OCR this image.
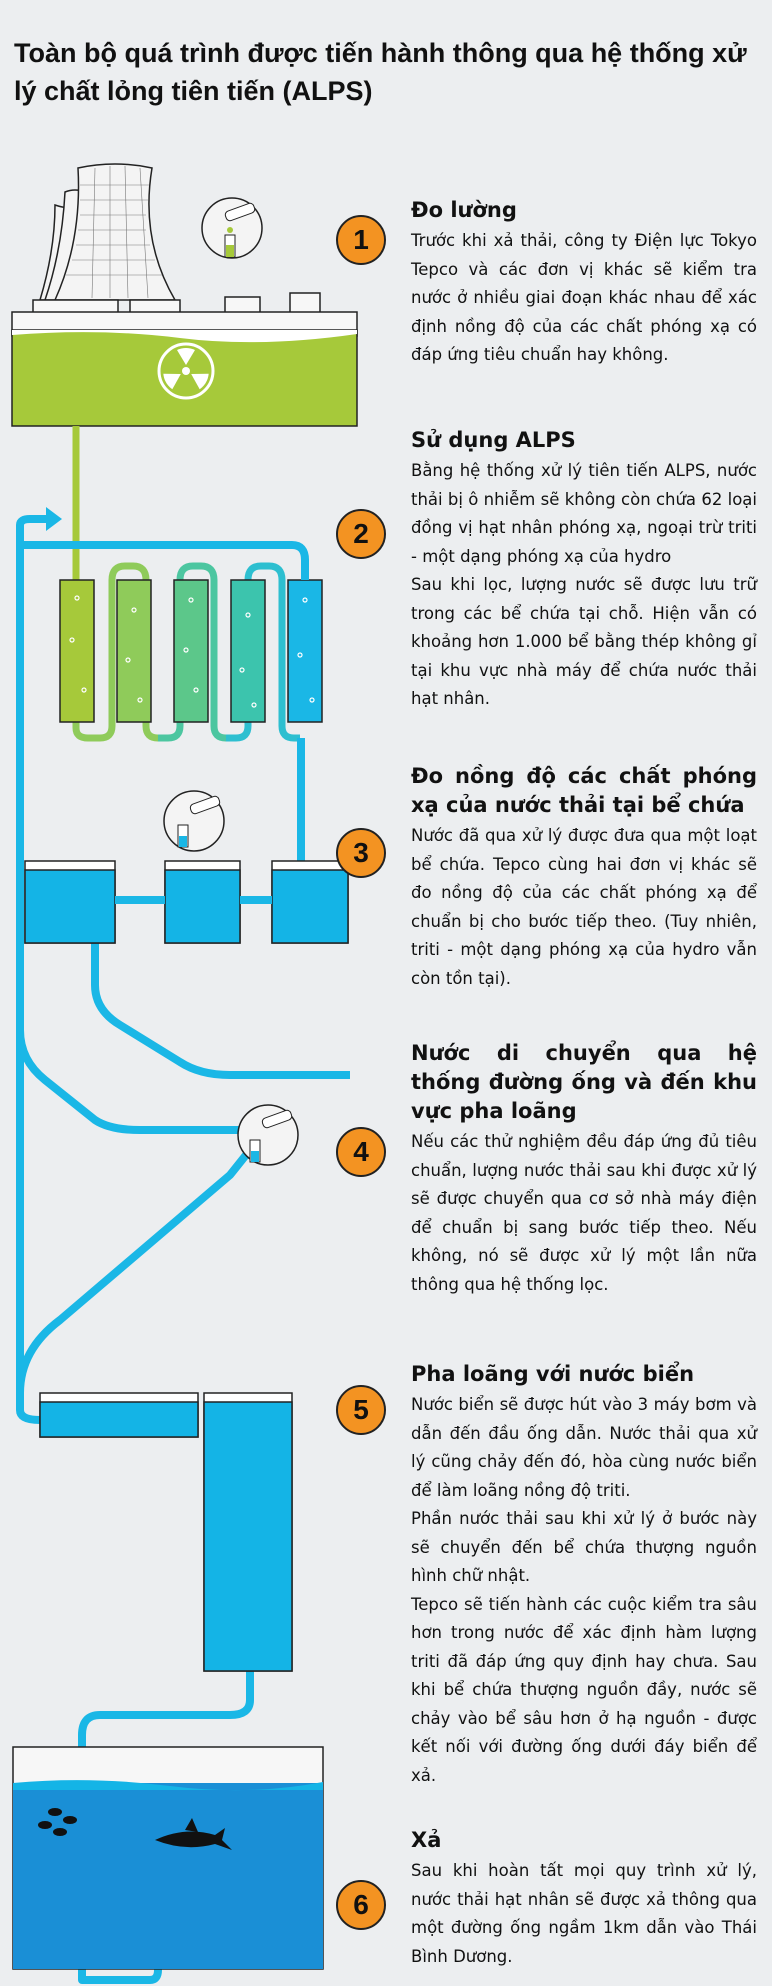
Toàn bộ quá trình được tiến hành thông qua hệ thống xử lý chất lỏng tiên tiến (ALPS)
1
2
3
4
5
6
Đo lường

Trước khi xả thải, công ty Điện lực Tokyo Tepco và các đơn vị khác sẽ kiểm tra nước ở nhiều giai đoạn khác nhau để xác định nồng độ của các chất phóng xạ có đáp ứng tiêu chuẩn hay không.

Sử dụng ALPS

Bằng hệ thống xử lý tiên tiến ALPS, nước thải bị ô nhiễm sẽ không còn chứa 62 loại đồng vị hạt nhân phóng xạ, ngoại trừ triti - một dạng phóng xạ của hydro

Sau khi lọc, lượng nước sẽ được lưu trữ trong các bể chứa tại chỗ. Hiện vẫn có khoảng hơn 1.000 bể bằng thép không gỉ tại khu vực nhà máy để chứa nước thải hạt nhân.

Đo nồng độ các chất phóng xạ của nước thải tại bể chứa

Nước đã qua xử lý được đưa qua một loạt bể chứa. Tepco cùng hai đơn vị khác sẽ đo nồng độ của các chất phóng xạ để chuẩn bị cho bước tiếp theo. (Tuy nhiên, triti - một dạng phóng xạ của hydro vẫn còn tồn tại).

Nước di chuyển qua hệ thống đường ống và đến khu vực pha loãng

Nếu các thử nghiệm đều đáp ứng đủ tiêu chuẩn, lượng nước thải sau khi được xử lý sẽ được chuyển qua cơ sở nhà máy điện để chuẩn bị sang bước tiếp theo. Nếu không, nó sẽ được xử lý một lần nữa thông qua hệ thống lọc.

Pha loãng với nước biển

Nước biển sẽ được hút vào 3 máy bơm và dẫn đến đầu ống dẫn. Nước thải qua xử lý cũng chảy đến đó, hòa cùng nước biển để làm loãng nồng độ triti.

Phần nước thải sau khi xử lý ở bước này sẽ chuyển đến bể chứa thượng nguồn hình chữ nhật.

Tepco sẽ tiến hành các cuộc kiểm tra sâu hơn trong nước để xác định hàm lượng triti đã đáp ứng quy định hay chưa. Sau khi bể chứa thượng nguồn đầy, nước sẽ chảy vào bể sâu hơn ở hạ nguồn - được kết nối với đường ống dưới đáy biển để xả.

Xả

Sau khi hoàn tất mọi quy trình xử lý, nước thải hạt nhân sẽ được xả thông qua một đường ống ngầm 1km dẫn vào Thái Bình Dương.
